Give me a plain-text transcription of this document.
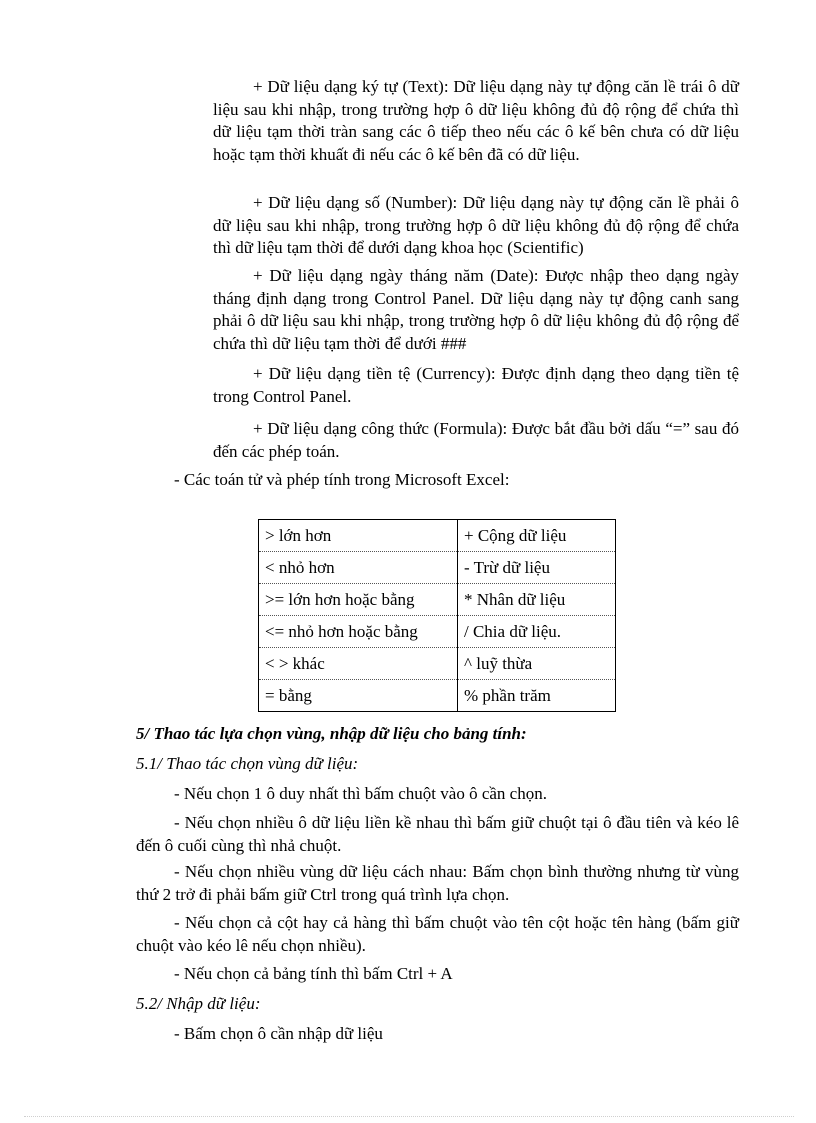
+ Dữ liệu dạng ký tự (Text): Dữ liệu dạng này tự động căn lề trái ô dữ liệu sau khi nhập, trong trường hợp ô dữ liệu không đủ độ rộng để chứa thì dữ liệu tạm thời tràn sang các ô tiếp theo nếu các ô kế bên chưa có dữ liệu hoặc tạm thời khuất đi nếu các ô kế bên đã có dữ liệu.

+ Dữ liệu dạng số (Number): Dữ liệu dạng này tự động căn lề phải ô dữ liệu sau khi nhập, trong trường hợp ô dữ liệu không đủ độ rộng để chứa thì dữ liệu tạm thời để dưới dạng khoa học (Scientific)

+ Dữ liệu dạng ngày tháng năm (Date): Được nhập theo dạng ngày tháng định dạng trong Control Panel. Dữ liệu dạng này tự động canh sang phải ô dữ liệu sau khi nhập, trong trường hợp ô dữ liệu không đủ độ rộng để chứa thì dữ liệu tạm thời để dưới ###

+ Dữ liệu dạng tiền tệ (Currency): Được định dạng theo dạng tiền tệ trong Control Panel.

+ Dữ liệu dạng công thức (Formula): Được bắt đầu bởi dấu “=” sau đó đến các phép toán.

- Các toán tử và phép tính trong Microsoft Excel:

> lớn hơn	+ Cộng dữ liệu
< nhỏ hơn	- Trừ dữ liệu
>= lớn hơn hoặc bằng	* Nhân dữ liệu
<= nhỏ hơn hoặc bằng	/ Chia dữ liệu.
< > khác	^ luỹ thừa
= bằng	% phần trăm

5/ Thao tác lựa chọn vùng, nhập dữ liệu cho bảng tính:

5.1/ Thao tác chọn vùng dữ liệu:

- Nếu chọn 1 ô duy nhất thì bấm chuột vào ô cần chọn.

- Nếu chọn nhiều ô dữ liệu liền kề nhau thì bấm giữ chuột tại ô đầu tiên và kéo lê đến ô cuối cùng thì nhả chuột.

- Nếu chọn nhiều vùng dữ liệu cách nhau: Bấm chọn bình thường nhưng từ vùng thứ 2 trở đi phải bấm giữ Ctrl trong quá trình lựa chọn.

- Nếu chọn cả cột hay cả hàng thì bấm chuột vào tên cột hoặc tên hàng (bấm giữ chuột vào kéo lê nếu chọn nhiều).

- Nếu chọn cả bảng tính thì bấm Ctrl + A

5.2/ Nhập dữ liệu:

- Bấm chọn ô cần nhập dữ liệu
